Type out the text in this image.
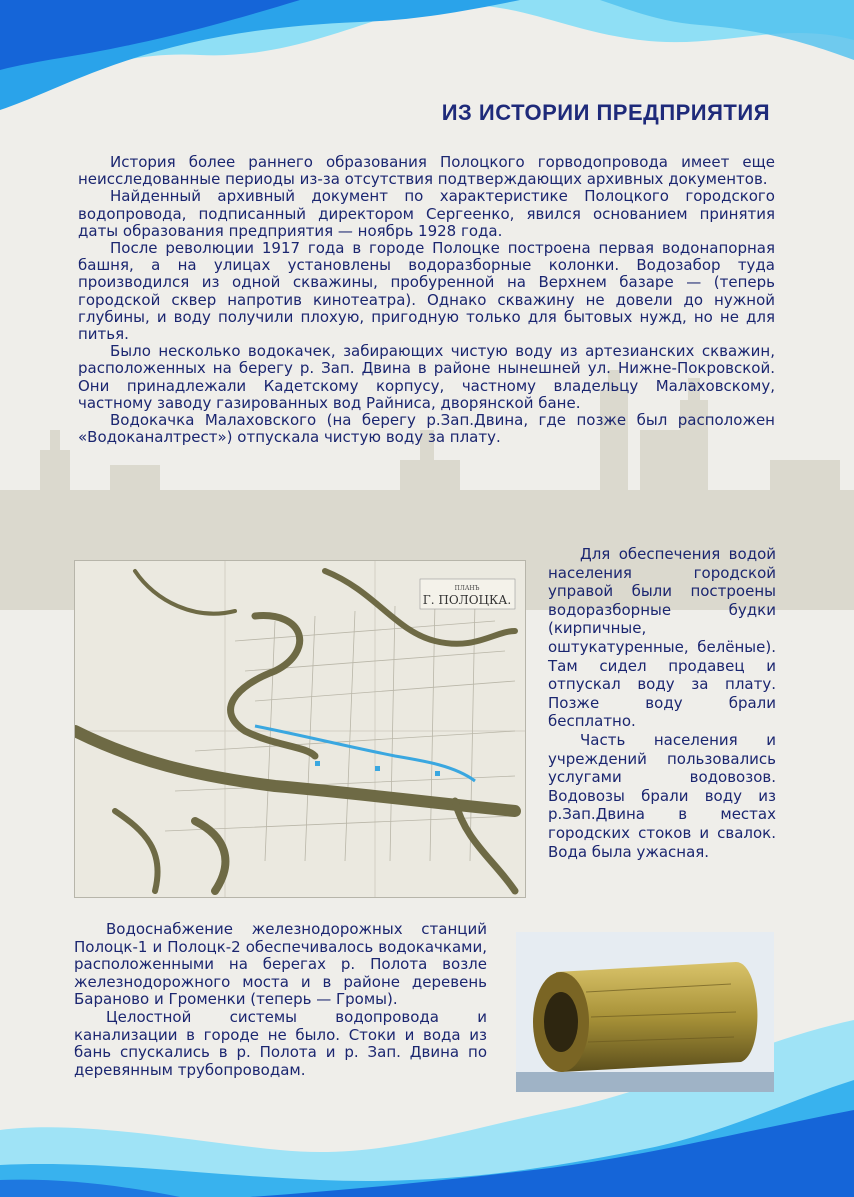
ИЗ ИСТОРИИ ПРЕДПРИЯТИЯ

История более раннего образования Полоцкого горводопровода имеет еще неисследованные периоды из-за отсутствия подтверждающих архивных документов.

Найденный архивный документ по характеристике Полоцкого городского водопровода, подписанный директором Сергеенко, явился основанием принятия даты образования предприятия — ноябрь 1928 года.

После революции 1917 года в городе Полоцке построена первая водонапорная башня, а на улицах установлены водоразборные колонки. Водозабор туда производился из одной скважины, пробуренной на Верхнем базаре — (теперь городской сквер напротив кинотеатра). Однако скважину не довели до нужной глубины, и воду получили плохую, пригодную только для бытовых нужд, но не для питья.

Было несколько водокачек, забирающих чистую воду из артезианских скважин, расположенных на берегу р. Зап. Двина в районе нынешней ул. Нижне-Покровской. Они принадлежали Кадетскому корпусу, частному владельцу Малаховскому, частному заводу газированных вод Райниса, дворянской бане.

Водокачка Малаховского (на берегу р.Зап.Двина, где позже был расположен «Водоканалтрест») отпускала чистую воду за плату.

ПЛАНЪ
Г. ПОЛОЦКА.

Для обеспечения водой населения городской управой были построены водоразборные будки (кирпичные, оштукатуренные, белёные). Там сидел продавец и отпускал воду за плату. Позже воду брали бесплатно.

Часть населения и учреждений пользовались услугами водовозов. Водовозы брали воду из р.Зап.Двина в местах городских стоков и свалок. Вода была ужасная.

Водоснабжение железнодорожных станций Полоцк-1 и Полоцк-2 обеспечивалось водокачками, расположенными на берегах р. Полота возле железнодорожного моста и в районе деревень Бараново и Громенки (теперь — Громы).

Целостной системы водопровода и канализации в городе не было. Стоки и вода из бань спускались в р. Полота и р. Зап. Двина по деревянным трубопроводам.
